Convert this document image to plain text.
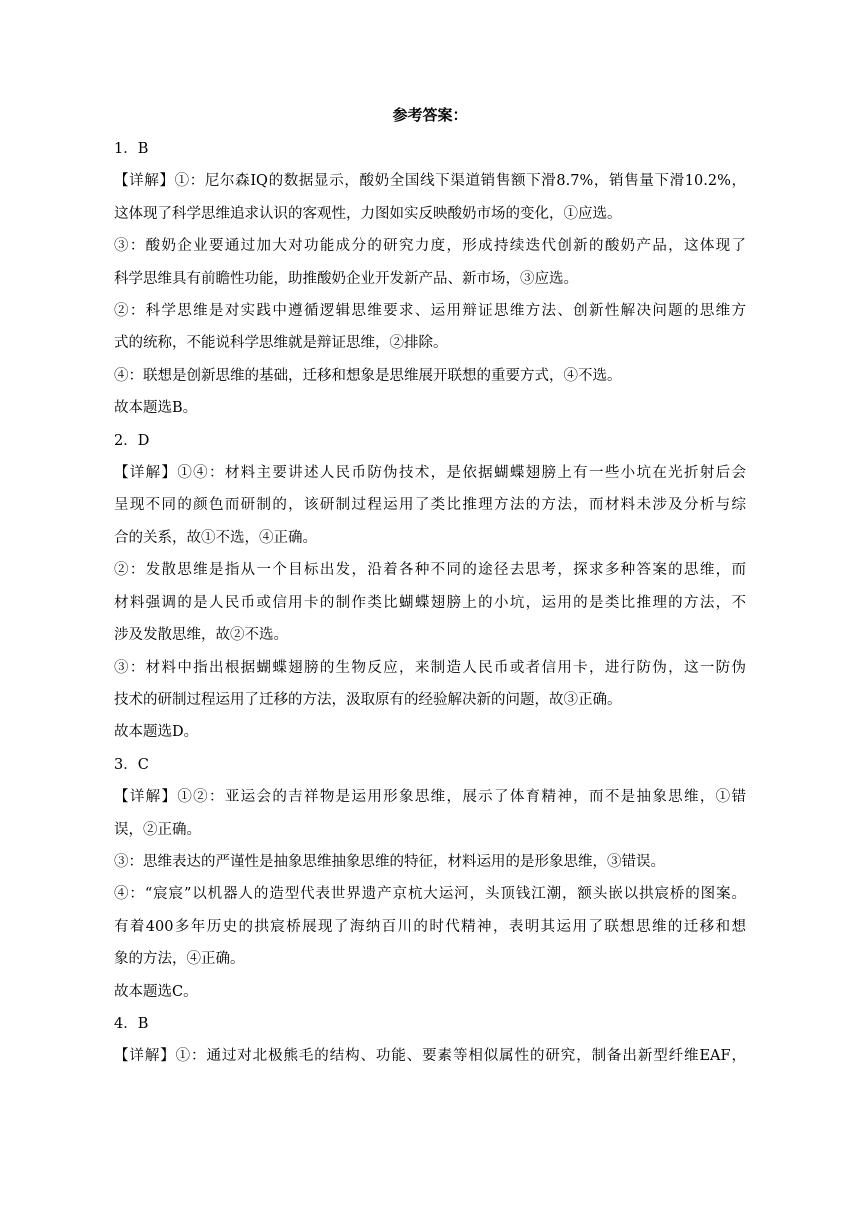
参考答案：

1．B

【详解】①：尼尔森IQ的数据显示，酸奶全国线下渠道销售额下滑8.7%，销售量下滑10.2%，

这体现了科学思维追求认识的客观性，力图如实反映酸奶市场的变化，①应选。

③：酸奶企业要通过加大对功能成分的研究力度，形成持续迭代创新的酸奶产品，这体现了

科学思维具有前瞻性功能，助推酸奶企业开发新产品、新市场，③应选。

②：科学思维是对实践中遵循逻辑思维要求、运用辩证思维方法、创新性解决问题的思维方

式的统称，不能说科学思维就是辩证思维，②排除。

④：联想是创新思维的基础，迁移和想象是思维展开联想的重要方式，④不选。

故本题选B。

2．D

【详解】①④：材料主要讲述人民币防伪技术，是依据蝴蝶翅膀上有一些小坑在光折射后会

呈现不同的颜色而研制的，该研制过程运用了类比推理方法的方法，而材料未涉及分析与综

合的关系，故①不选，④正确。

②：发散思维是指从一个目标出发，沿着各种不同的途径去思考，探求多种答案的思维，而

材料强调的是人民币或信用卡的制作类比蝴蝶翅膀上的小坑，运用的是类比推理的方法，不

涉及发散思维，故②不选。

③：材料中指出根据蝴蝶翅膀的生物反应，来制造人民币或者信用卡，进行防伪，这一防伪

技术的研制过程运用了迁移的方法，汲取原有的经验解决新的问题，故③正确。

故本题选D。

3．C

【详解】①②：亚运会的吉祥物是运用形象思维，展示了体育精神，而不是抽象思维，①错

误，②正确。

③：思维表达的严谨性是抽象思维抽象思维的特征，材料运用的是形象思维，③错误。

④：“宸宸”以机器人的造型代表世界遗产京杭大运河，头顶钱江潮，额头嵌以拱宸桥的图案。

有着400多年历史的拱宸桥展现了海纳百川的时代精神，表明其运用了联想思维的迁移和想

象的方法，④正确。

故本题选C。

4．B

【详解】①：通过对北极熊毛的结构、功能、要素等相似属性的研究，制备出新型纤维EAF，
